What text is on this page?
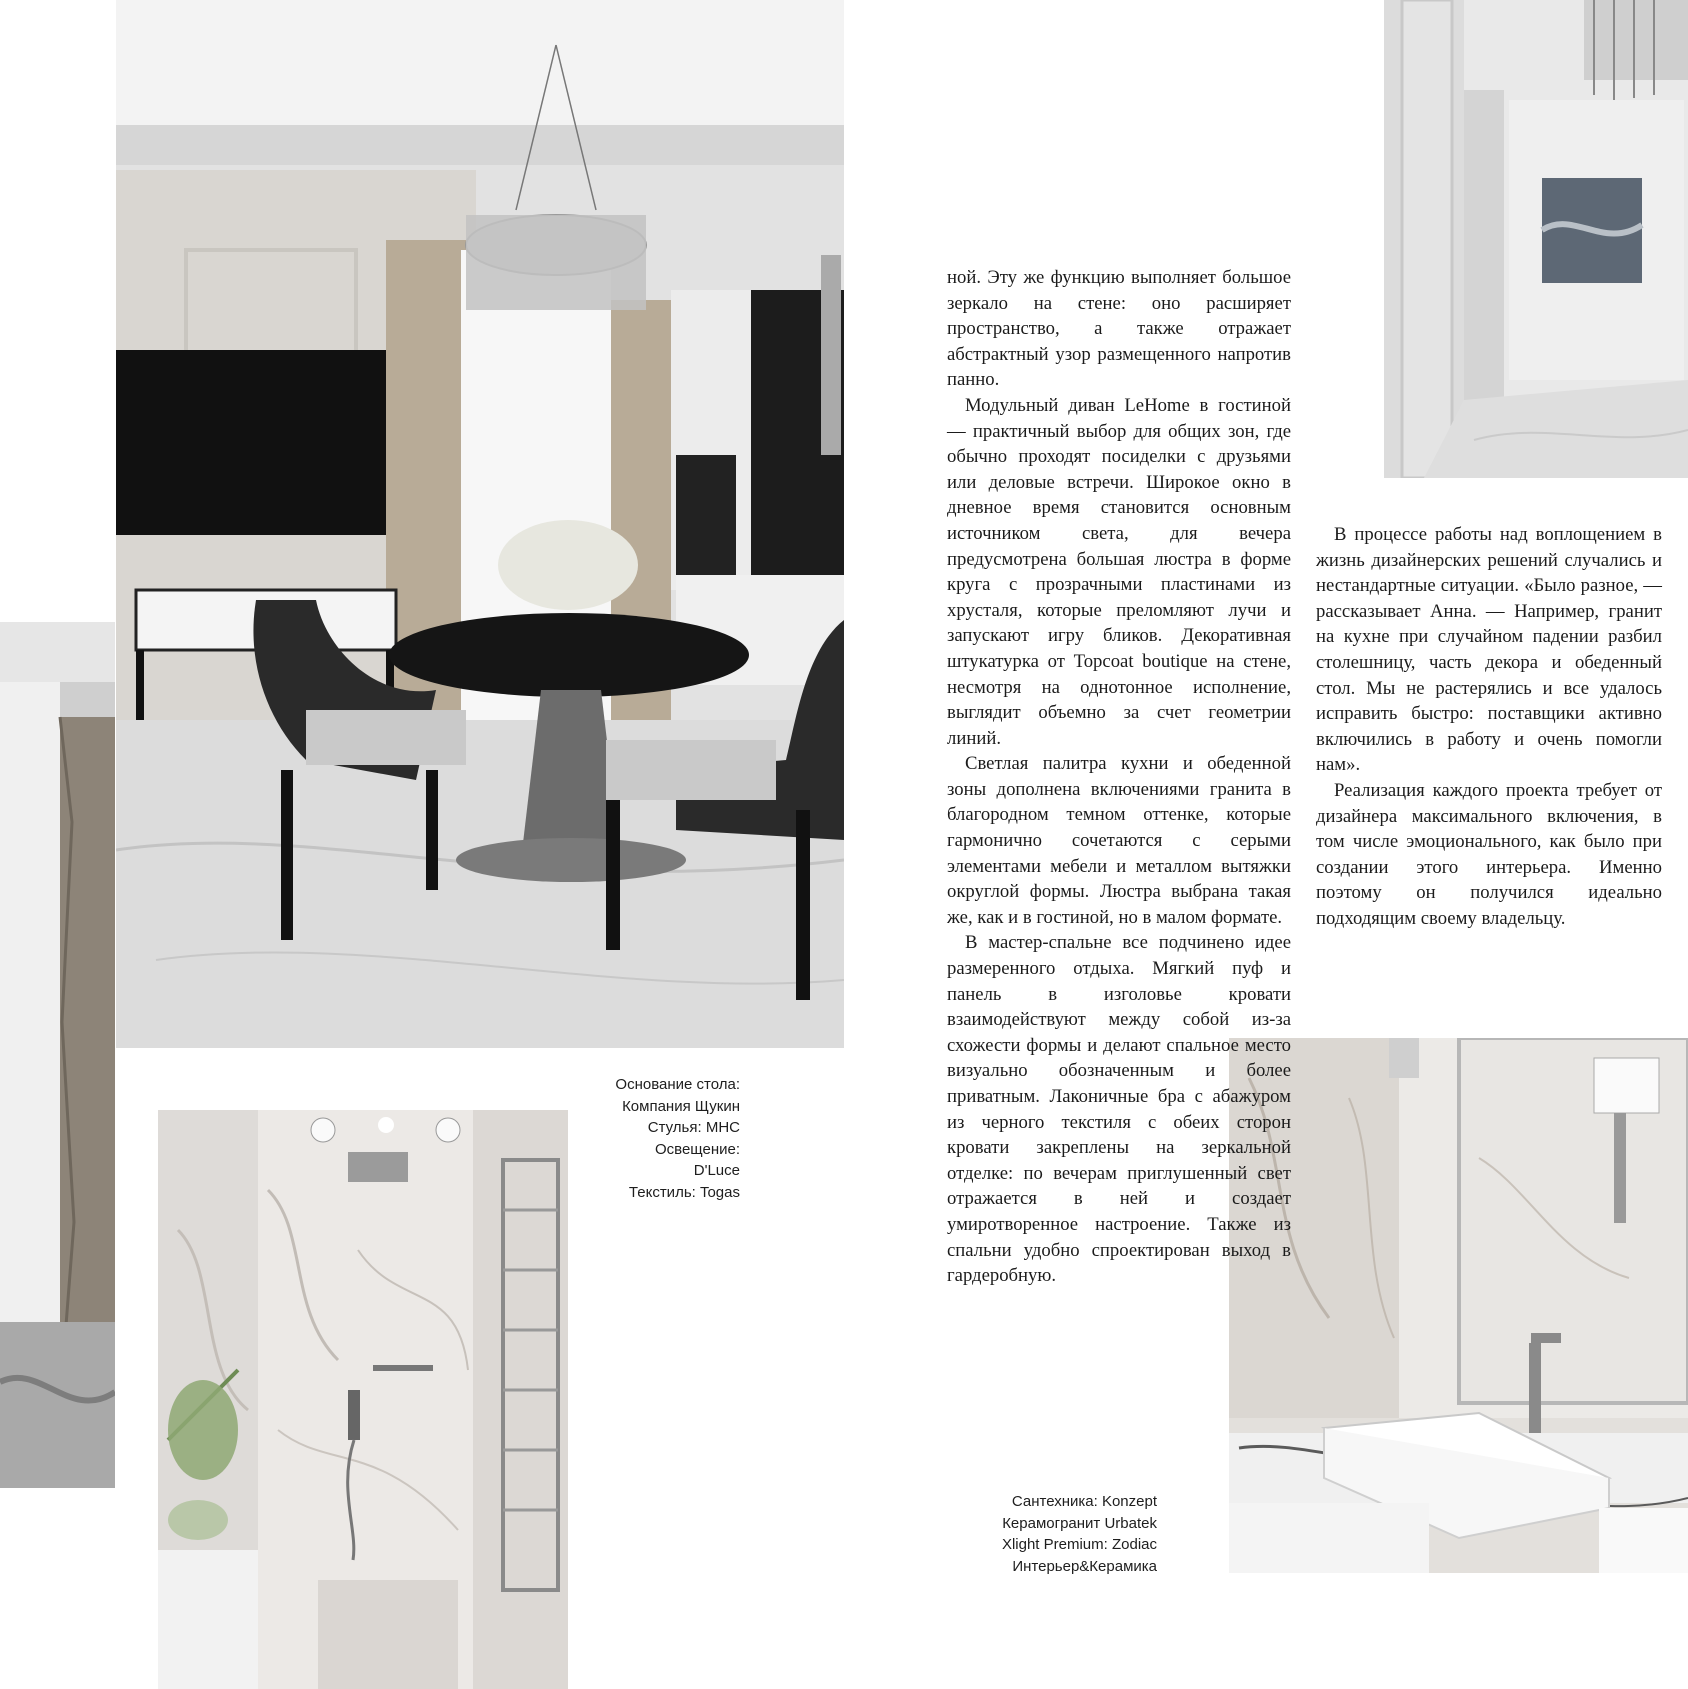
ной. Эту же функцию выполняет большое зеркало на стене: оно расширяет пространство, а также отражает абстрактный узор размещенного напротив панно.

Модульный диван LeHome в гостиной — практичный выбор для общих зон, где обычно проходят посиделки с друзьями или деловые встречи. Широкое окно в дневное время становится основным источником света, для вечера предусмотрена большая люстра в форме круга с прозрачными пластинами из хрусталя, которые преломляют лучи и запускают игру бликов. Декоративная штукатурка от Topcoat boutique на стене, несмотря на однотонное исполнение, выглядит объемно за счет геометрии линий.

Светлая палитра кухни и обеденной зоны дополнена включениями гранита в благородном темном оттенке, которые гармонично сочетаются с серыми элементами мебели и металлом вытяжки округлой формы. Люстра выбрана такая же, как и в гостиной, но в малом формате.

В мастер-спальне все подчинено идее размеренного отдыха. Мягкий пуф и панель в изголовье кровати взаимодействуют между собой из-за схожести формы и делают спальное место визуально обозначенным и более приватным. Лаконичные бра с абажуром из черного текстиля с обеих сторон кровати закреплены на зеркальной отделке: по вечерам приглушенный свет отражается в ней и создает умиротворенное настроение. Также из спальни удобно спроектирован выход в гардеробную.

В процессе работы над воплощением в жизнь дизайнерских решений случались и нестандартные ситуации. «Было разное, — рассказывает Анна. — Например, гранит на кухне при случайном падении разбил столешницу, часть декора и обеденный стол. Мы не растерялись и все удалось исправить быстро: поставщики активно включились в работу и очень помогли нам».

Реализация каждого проекта требует от дизайнера максимального включения, в том числе эмоционального, как было при создании этого интерьера. Именно поэтому он получился идеально подходящим своему владельцу.

Основание стола:
Компания Щукин
Стулья: МНС
Освещение:
D'Luce
Текстиль: Togas
Сантехника: Konzept
Керамогранит Urbatek
Xlight Premium: Zodiac
Интерьер&Керамика
